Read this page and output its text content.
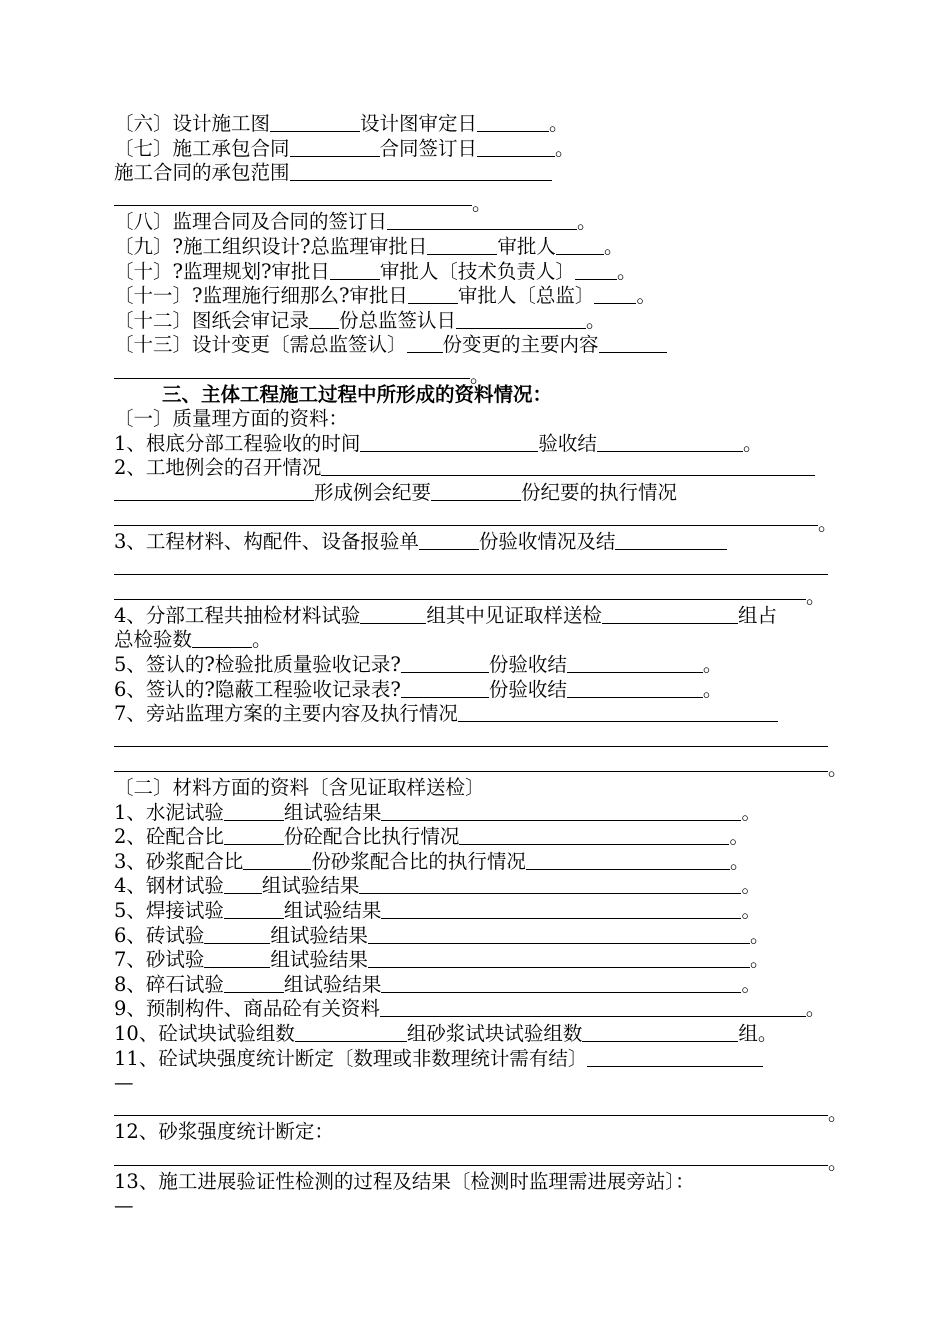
〔六〕设计施工图	设计图审定日	。
〔七〕施工承包合同	合同签订日	。
施工合同的承包范围
。
〔八〕监理合同及合同的签订日	。
〔九〕?施工组织设计?总监理审批日	审批人 。
〔十〕?监理规划?审批日	审批人〔技术负责人〕 。
〔十一〕?监理施行细那么?审批日	审批人〔总监〕 。
〔十二〕图纸会审记录 份总监签认日	。
〔十三〕设计变更〔需总监签认〕 份变更的主要内容
。
三、主体工程施工过程中所形成的资料情况：
〔一〕质量理方面的资料：
1、根底分部工程验收的时间	验收结	。
2、工地例会的召开情况
形成例会纪要	份纪要的执行情况
。
3、工程材料、构配件、设备报验单	份验收情况及结
。
4、分部工程共抽检材料试验	组其中见证取样送检	组占
总检验数	。
5、签认的?检验批质量验收记录?	份验收结	。
6、签认的?隐蔽工程验收记录表?	份验收结	。
7、旁站监理方案的主要内容及执行情况
。
〔二〕材料方面的资料〔含见证取样送检〕
1、水泥试验	组试验结果	。
2、砼配合比	份砼配合比执行情况	。
3、砂浆配合比	份砂浆配合比的执行情况	。
4、钢材试验 组试验结果	。
5、焊接试验	组试验结果	。
6、砖试验	组试验结果	。
7、砂试验	组试验结果	。
8、碎石试验	组试验结果	。
9、预制构件、商品砼有关资料	。
10、砼试块试验组数	组砂浆试块试验组数	组。
11、砼试块强度统计断定〔数理或非数理统计需有结〕
—
。
12、砂浆强度统计断定：
。
13、施工进展验证性检测的过程及结果〔检测时监理需进展旁站〕：
—
